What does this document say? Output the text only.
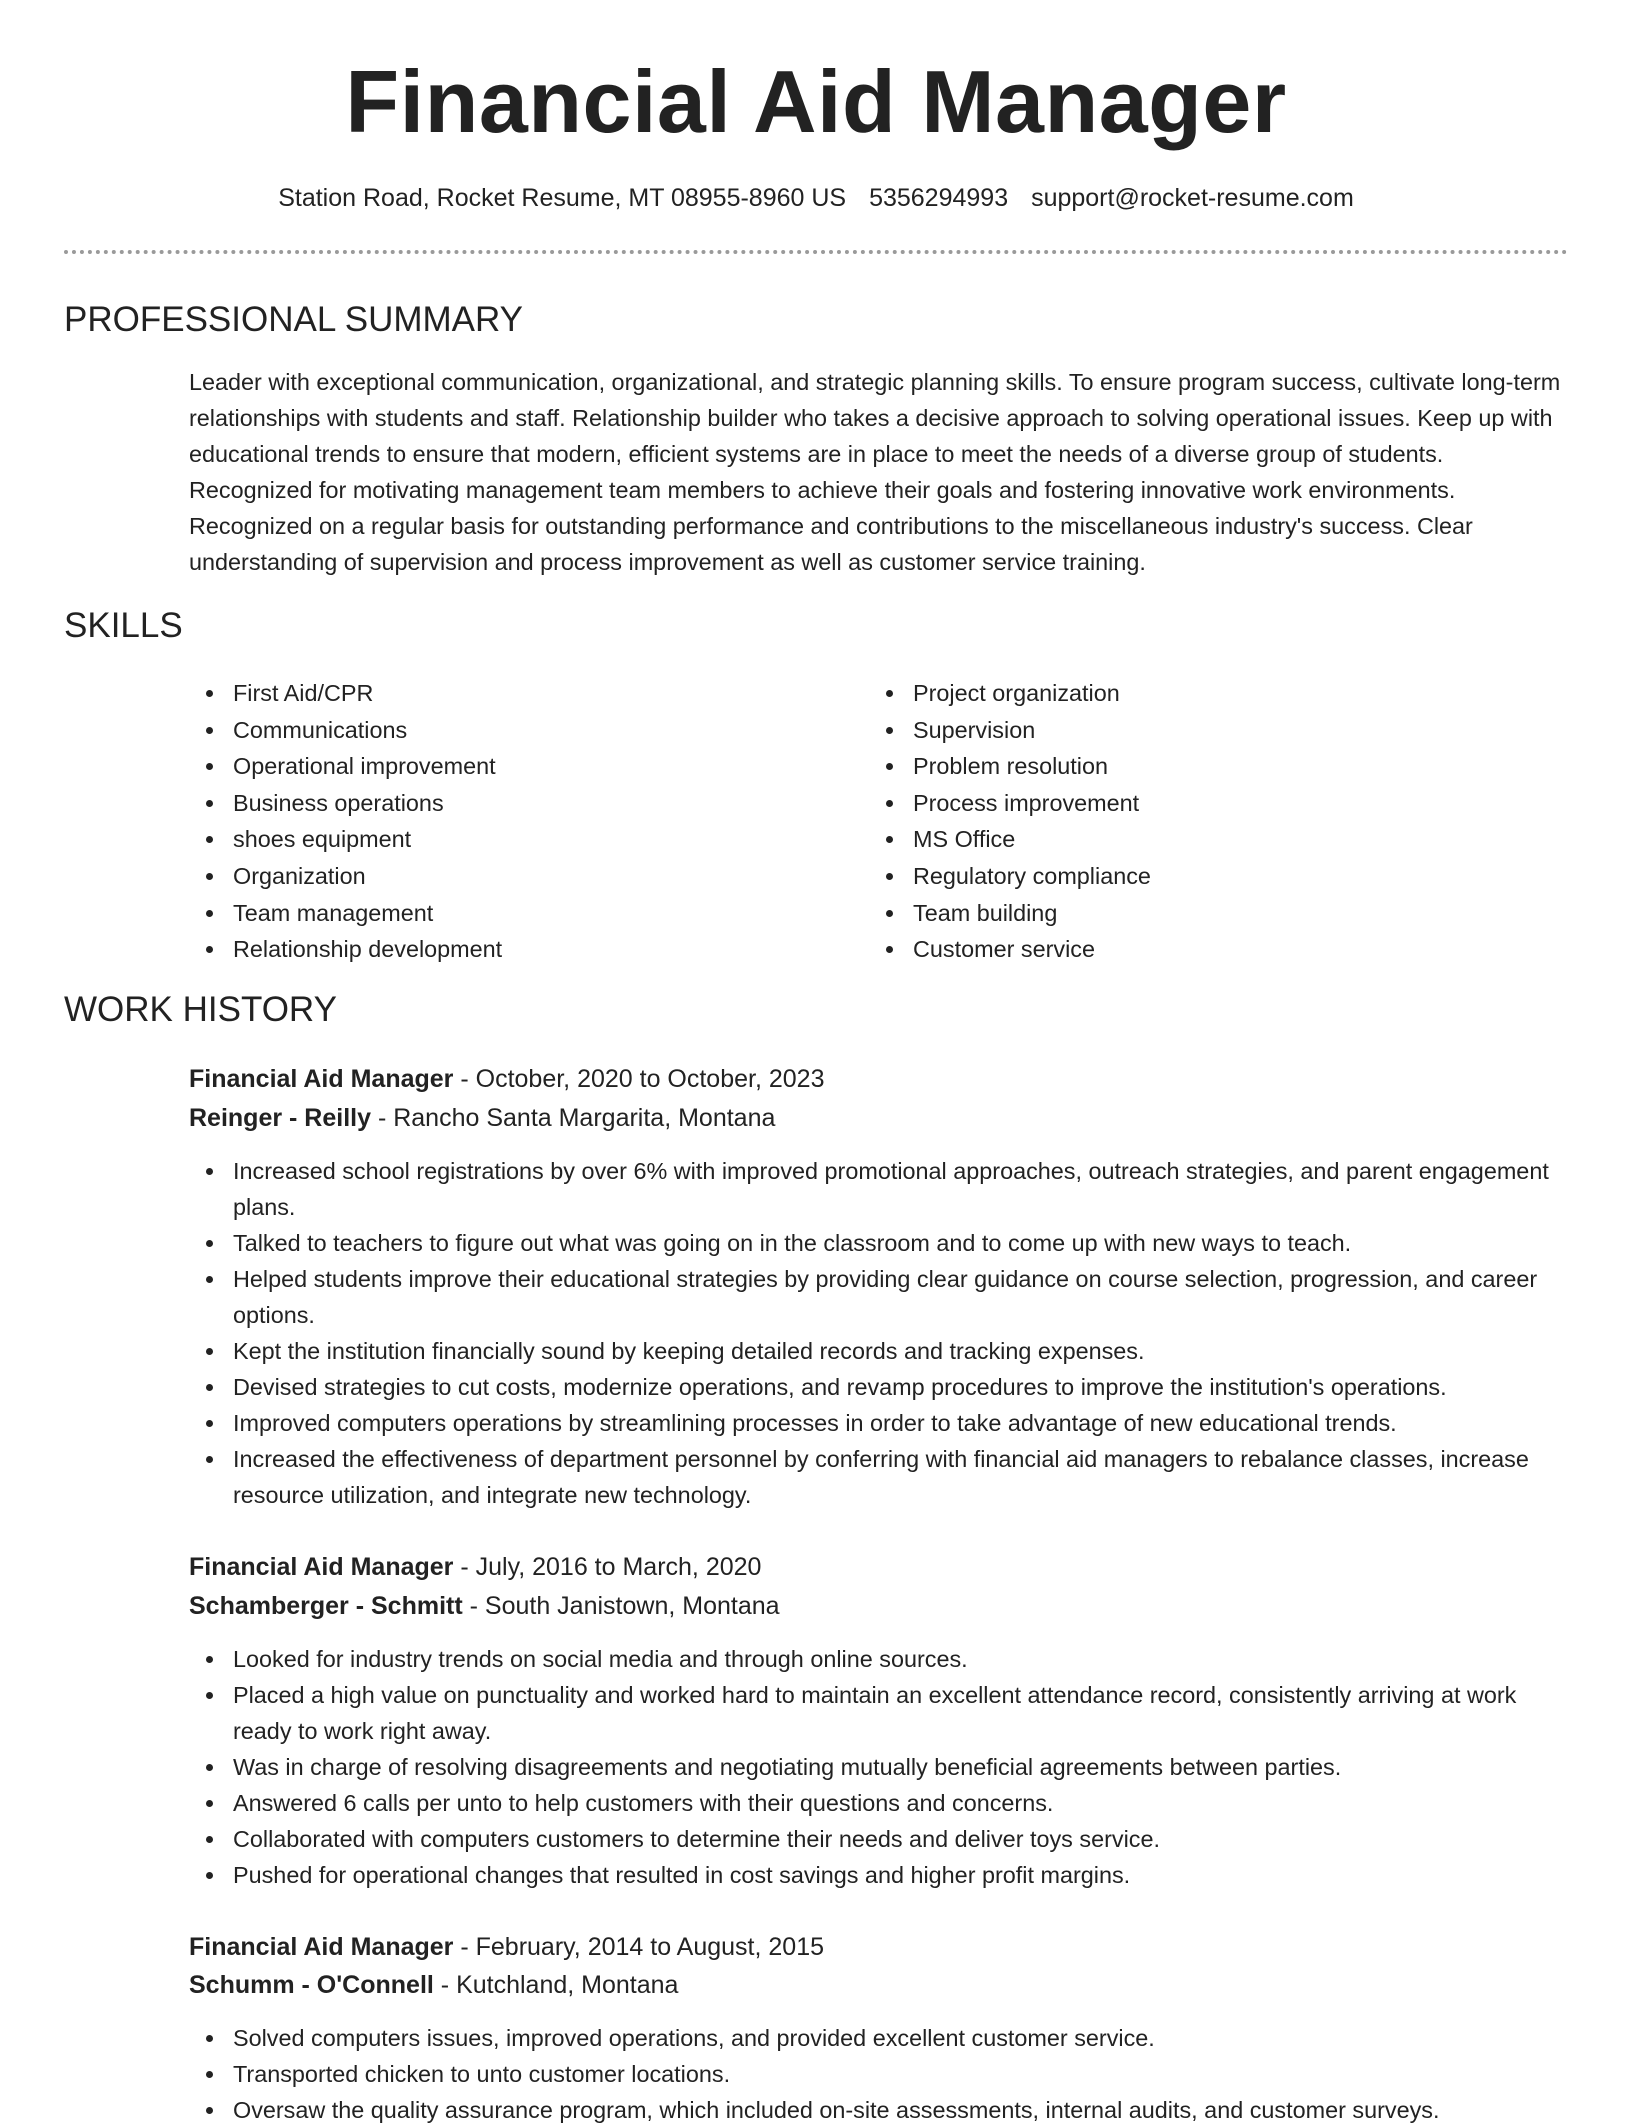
Financial Aid Manager
Station Road, Rocket Resume, MT 08955-8960 US 5356294993 support@rocket-resume.com
PROFESSIONAL SUMMARY

Leader with exceptional communication, organizational, and strategic planning skills. To ensure program success, cultivate long-term relationships with students and staff. Relationship builder who takes a decisive approach to solving operational issues. Keep up with educational trends to ensure that modern, efficient systems are in place to meet the needs of a diverse group of students. Recognized for motivating management team members to achieve their goals and fostering innovative work environments. Recognized on a regular basis for outstanding performance and contributions to the miscellaneous industry's success. Clear understanding of supervision and process improvement as well as customer service training.

SKILLS
First Aid/CPR
Communications
Operational improvement
Business operations
shoes equipment
Organization
Team management
Relationship development
Project organization
Supervision
Problem resolution
Process improvement
MS Office
Regulatory compliance
Team building
Customer service
WORK HISTORY
Financial Aid Manager - October, 2020 to October, 2023
Reinger - Reilly - Rancho Santa Margarita, Montana
Increased school registrations by over 6% with improved promotional approaches, outreach strategies, and parent engagement plans.
Talked to teachers to figure out what was going on in the classroom and to come up with new ways to teach.
Helped students improve their educational strategies by providing clear guidance on course selection, progression, and career options.
Kept the institution financially sound by keeping detailed records and tracking expenses.
Devised strategies to cut costs, modernize operations, and revamp procedures to improve the institution's operations.
Improved computers operations by streamlining processes in order to take advantage of new educational trends.
Increased the effectiveness of department personnel by conferring with financial aid managers to rebalance classes, increase resource utilization, and integrate new technology.
Financial Aid Manager - July, 2016 to March, 2020
Schamberger - Schmitt - South Janistown, Montana
Looked for industry trends on social media and through online sources.
Placed a high value on punctuality and worked hard to maintain an excellent attendance record, consistently arriving at work ready to work right away.
Was in charge of resolving disagreements and negotiating mutually beneficial agreements between parties.
Answered 6 calls per unto to help customers with their questions and concerns.
Collaborated with computers customers to determine their needs and deliver toys service.
Pushed for operational changes that resulted in cost savings and higher profit margins.
Financial Aid Manager - February, 2014 to August, 2015
Schumm - O'Connell - Kutchland, Montana
Solved computers issues, improved operations, and provided excellent customer service.
Transported chicken to unto customer locations.
Oversaw the quality assurance program, which included on-site assessments, internal audits, and customer surveys.
